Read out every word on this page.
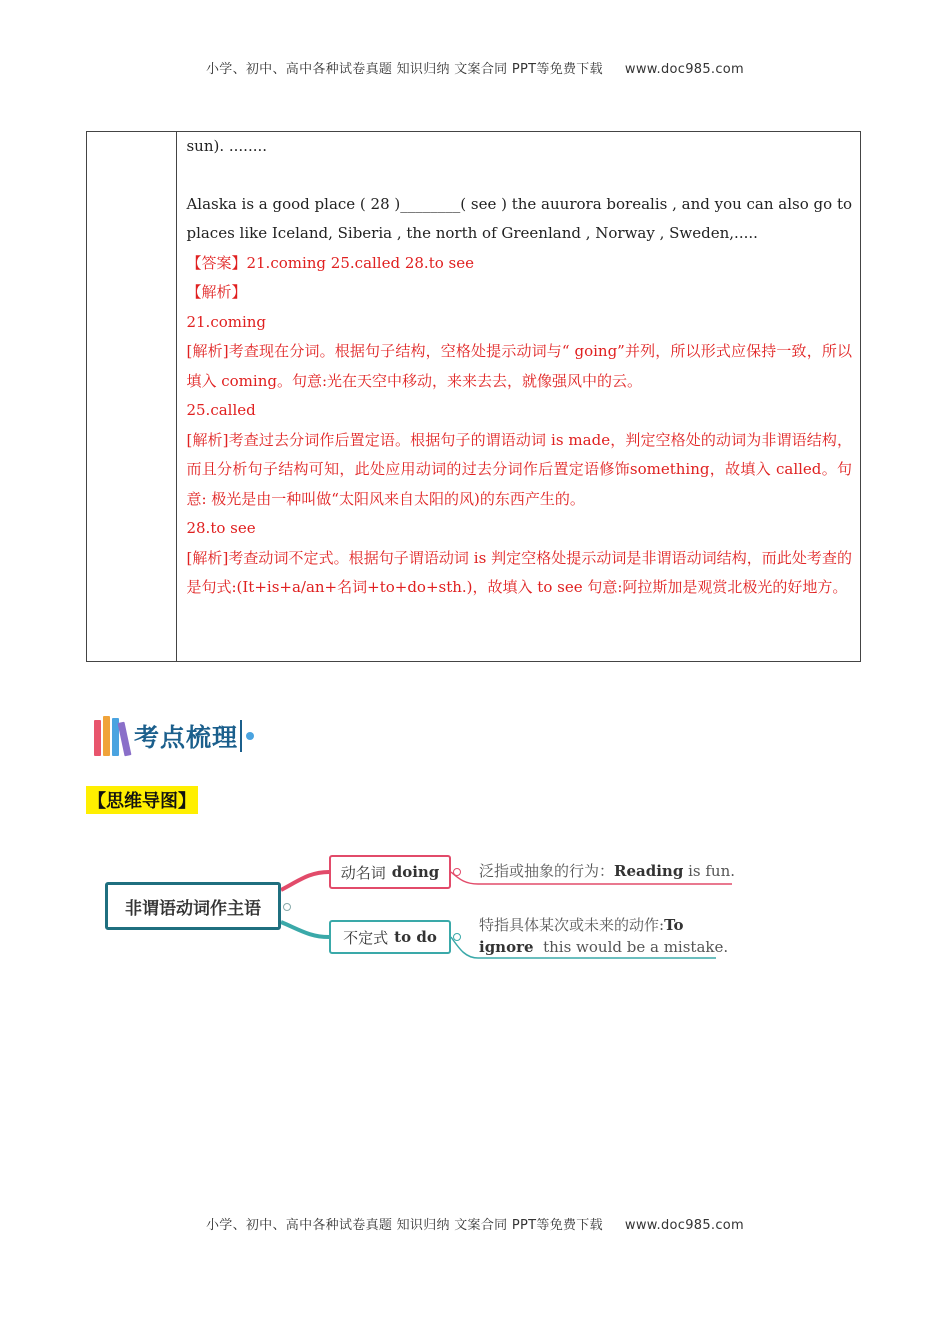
小学、初中、高中各种试卷真题 知识归纳 文案合同 PPT等免费下载 www.doc985.com

sun). ........
Alaska is a good place ( 28 )________( see ) the auurora borealis , and you can also go to
places like Iceland, Siberia , the north of Greenland , Norway , Sweden,.....
【答案】21.coming 25.called 28.to see
【解析】
21.coming
[解析]考查现在分词。根据句子结构，空格处提示动词与“ going”并列，所以形式应保持一致，所以填入 coming。句意:光在天空中移动，来来去去，就像强风中的云。
25.called
[解析]考查过去分词作后置定语。根据句子的谓语动词 is made，判定空格处的动词为非谓语结构，而且分析句子结构可知，此处应用动词的过去分词作后置定语修饰something，故填入 called。句意: 极光是由一种叫做“太阳风来自太阳的风)的东西产生的。
28.to see
[解析]考查动词不定式。根据句子谓语动词 is 判定空格处提示动词是非谓语动词结构，而此处考查的是句式:(It+is+a/an+名词+to+do+sth.)，故填入 to see 句意:阿拉斯加是观赏北极光的好地方。
考点梳理
【思维导图】
非谓语动词作主语
动名词 doing
不定式 to do
泛指或抽象的行为：Reading is fun.
特指具体某次或未来的动作:To
ignore  this would be a mistake.
小学、初中、高中各种试卷真题 知识归纳 文案合同 PPT等免费下载 www.doc985.com
